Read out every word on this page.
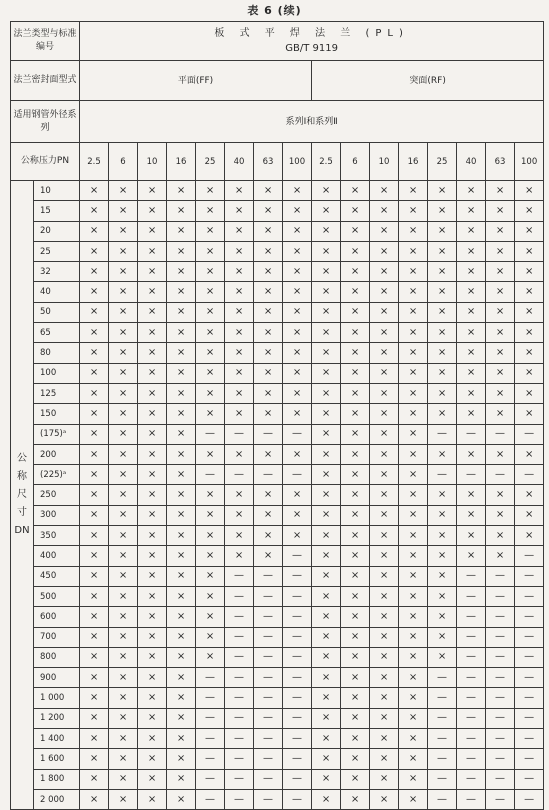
表 6 (续)
法兰类型与标准编号		板 式 平 焊 法 兰 (PL)
GB/T 9119															

法兰密封面型式		平面(FF)								突面(RF)							
适用钢管外径系列		系列Ⅰ和系列Ⅱ															
公称压力PN		2.5	6	10	16	25	40	63	100	2.5	6	10	16	25	40	63	100

公
称
尺
寸
DN	10	×	×	×	×	×	×	×	×	×	×	×	×	×	×	×	×
	15	×	×	×	×	×	×	×	×	×	×	×	×	×	×	×	×
	20	×	×	×	×	×	×	×	×	×	×	×	×	×	×	×	×
	25	×	×	×	×	×	×	×	×	×	×	×	×	×	×	×	×
	32	×	×	×	×	×	×	×	×	×	×	×	×	×	×	×	×
	40	×	×	×	×	×	×	×	×	×	×	×	×	×	×	×	×
	50	×	×	×	×	×	×	×	×	×	×	×	×	×	×	×	×
	65	×	×	×	×	×	×	×	×	×	×	×	×	×	×	×	×
	80	×	×	×	×	×	×	×	×	×	×	×	×	×	×	×	×
	100	×	×	×	×	×	×	×	×	×	×	×	×	×	×	×	×
	125	×	×	×	×	×	×	×	×	×	×	×	×	×	×	×	×
	150	×	×	×	×	×	×	×	×	×	×	×	×	×	×	×	×
	(175)ᵃ	×	×	×	×	—	—	—	—	×	×	×	×	—	—	—	—
	200	×	×	×	×	×	×	×	×	×	×	×	×	×	×	×	×
	(225)ᵃ	×	×	×	×	—	—	—	—	×	×	×	×	—	—	—	—
	250	×	×	×	×	×	×	×	×	×	×	×	×	×	×	×	×
	300	×	×	×	×	×	×	×	×	×	×	×	×	×	×	×	×
	350	×	×	×	×	×	×	×	×	×	×	×	×	×	×	×	×
	400	×	×	×	×	×	×	×	—	×	×	×	×	×	×	×	—
	450	×	×	×	×	×	—	—	—	×	×	×	×	×	—	—	—
	500	×	×	×	×	×	—	—	—	×	×	×	×	×	—	—	—
	600	×	×	×	×	×	—	—	—	×	×	×	×	×	—	—	—
	700	×	×	×	×	×	—	—	—	×	×	×	×	×	—	—	—
	800	×	×	×	×	×	—	—	—	×	×	×	×	×	—	—	—
	900	×	×	×	×	—	—	—	—	×	×	×	×	—	—	—	—
	1 000	×	×	×	×	—	—	—	—	×	×	×	×	—	—	—	—
	1 200	×	×	×	×	—	—	—	—	×	×	×	×	—	—	—	—
	1 400	×	×	×	×	—	—	—	—	×	×	×	×	—	—	—	—
	1 600	×	×	×	×	—	—	—	—	×	×	×	×	—	—	—	—
	1 800	×	×	×	×	—	—	—	—	×	×	×	×	—	—	—	—
	2 000	×	×	×	×	—	—	—	—	×	×	×	×	—	—	—	—
